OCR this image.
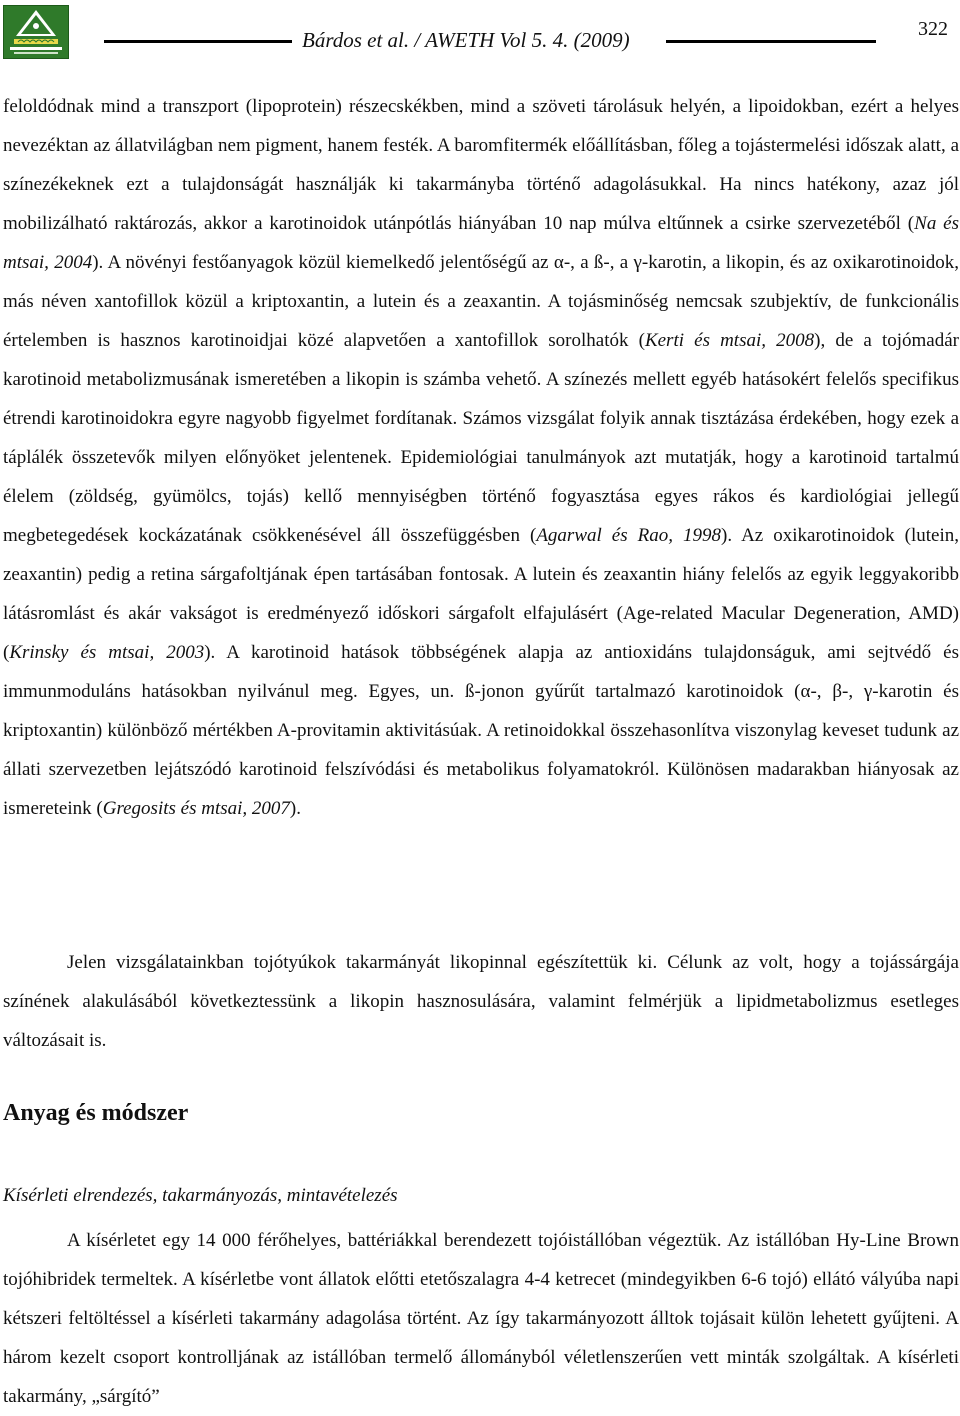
Bárdos et al. / AWETH Vol 5. 4. (2009)	322
feloldódnak mind a transzport (lipoprotein) részecskékben, mind a szöveti tárolásuk helyén, a lipoidokban, ezért a helyes nevezéktan az állatvilágban nem pigment, hanem festék. A baromfitermék előállításban, főleg a tojástermelési időszak alatt, a színezékeknek ezt a tulajdonságát használják ki takarmányba történő adagolásukkal. Ha nincs hatékony, azaz jól mobilizálható raktározás, akkor a karotinoidok utánpótlás hiányában 10 nap múlva eltűnnek a csirke szervezetéből (Na és mtsai, 2004). A növényi festőanyagok közül kiemelkedő jelentőségű az α-, a ß-, a γ-karotin, a likopin, és az oxikarotinoidok, más néven xantofillok közül a kriptoxantin, a lutein és a zeaxantin. A tojásminőség nemcsak szubjektív, de funkcionális értelemben is hasznos karotinoidjai közé alapvetően a xantofillok sorolhatók (Kerti és mtsai, 2008), de a tojómadár karotinoid metabolizmusának ismeretében a likopin is számba vehető. A színezés mellett egyéb hatásokért felelős specifikus étrendi karotinoidokra egyre nagyobb figyelmet fordítanak. Számos vizsgálat folyik annak tisztázása érdekében, hogy ezek a táplálék összetevők milyen előnyöket jelentenek. Epidemiológiai tanulmányok azt mutatják, hogy a karotinoid tartalmú élelem (zöldség, gyümölcs, tojás) kellő mennyiségben történő fogyasztása egyes rákos és kardiológiai jellegű megbetegedések kockázatának csökkenésével áll összefüggésben (Agarwal és Rao, 1998). Az oxikarotinoidok (lutein, zeaxantin) pedig a retina sárgafoltjának épen tartásában fontosak. A lutein és zeaxantin hiány felelős az egyik leggyakoribb látásromlást és akár vakságot is eredményező időskori sárgafolt elfajulásért (Age-related Macular Degeneration, AMD) (Krinsky és mtsai, 2003). A karotinoid hatások többségének alapja az antioxidáns tulajdonságuk, ami sejtvédő és immunmoduláns hatásokban nyilvánul meg. Egyes, un. ß-jonon gyűrűt tartalmazó karotinoidok (α-, β-, γ-karotin és kriptoxantin) különböző mértékben A-provitamin aktivitásúak. A retinoidokkal összehasonlítva viszonylag keveset tudunk az állati szervezetben lejátszódó karotinoid felszívódási és metabolikus folyamatokról. Különösen madarakban hiányosak az ismereteink (Gregosits és mtsai, 2007).
Jelen vizsgálatainkban tojótyúkok takarmányát likopinnal egészítettük ki. Célunk az volt, hogy a tojássárgája színének alakulásából következtessünk a likopin hasznosulására, valamint felmérjük a lipidmetabolizmus esetleges változásait is.
Anyag és módszer
Kísérleti elrendezés, takarmányozás, mintavételezés
A kísérletet egy 14 000 férőhelyes, battériákkal berendezett tojóistállóban végeztük. Az istállóban Hy-Line Brown tojóhibridek termeltek. A kísérletbe vont állatok előtti etetőszalagra 4-4 ketrecet (mindegyikben 6-6 tojó) ellátó vályúba napi kétszeri feltöltéssel a kísérleti takarmány adagolása történt. Az így takarmányozott álltok tojásait külön lehetett gyűjteni. A három kezelt csoport kontrolljának az istállóban termelő állományból véletlenszerűen vett minták szolgáltak. A kísérleti takarmány, „sárgító”
